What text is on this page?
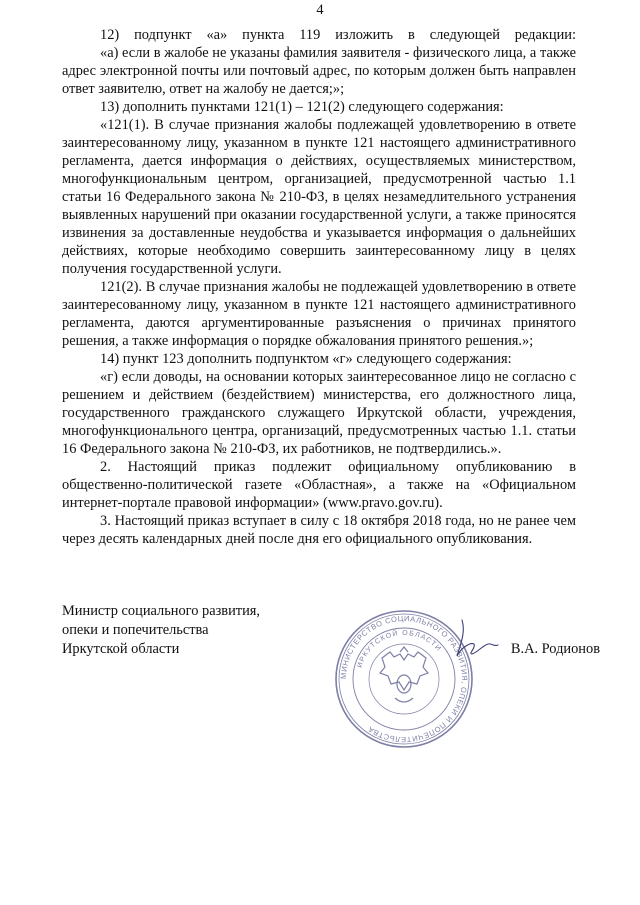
4

12) подпункт «а» пункта 119 изложить в следующей редакции:

«а) если в жалобе не указаны фамилия заявителя - физического лица, а также адрес электронной почты или почтовый адрес, по которым должен быть направлен ответ заявителю, ответ на жалобу не дается;»;

13) дополнить пунктами 121(1) – 121(2) следующего содержания:

«121(1). В случае признания жалобы подлежащей удовлетворению в ответе заинтересованному лицу, указанном в пункте 121 настоящего административного регламента, дается информация о действиях, осуществляемых министерством, многофункциональным центром, организацией, предусмотренной частью 1.1 статьи 16 Федерального закона № 210-ФЗ, в целях незамедлительного устранения выявленных нарушений при оказании государственной услуги, а также приносятся извинения за доставленные неудобства и указывается информация о дальнейших действиях, которые необходимо совершить заинтересованному лицу в целях получения государственной услуги.

121(2). В случае признания жалобы не подлежащей удовлетворению в ответе заинтересованному лицу, указанном в пункте 121 настоящего административного регламента, даются аргументированные разъяснения о причинах принятого решения, а также информация о порядке обжалования принятого решения.»;

14) пункт 123 дополнить подпунктом «г» следующего содержания:

«г) если доводы, на основании которых заинтересованное лицо не согласно с решением и действием (бездействием) министерства, его должностного лица, государственного гражданского служащего Иркутской области, учреждения, многофункционального центра, организаций, предусмотренных частью 1.1. статьи 16 Федерального закона № 210-ФЗ, их работников, не подтвердились.».

2. Настоящий приказ подлежит официальному опубликованию в общественно-политической газете «Областная», а также на «Официальном интернет-портале правовой информации» (www.pravo.gov.ru).

3. Настоящий приказ вступает в силу с 18 октября 2018 года, но не ранее чем через десять календарных дней после дня его официального опубликования.

Министр социального развития,
опеки и попечительства
Иркутской области
МИНИСТЕРСТВО СОЦИАЛЬНОГО РАЗВИТИЯ, ОПЕКИ И ПОПЕЧИТЕЛЬСТВА
ИРКУТСКОЙ ОБЛАСТИ	В.А. Родионов
